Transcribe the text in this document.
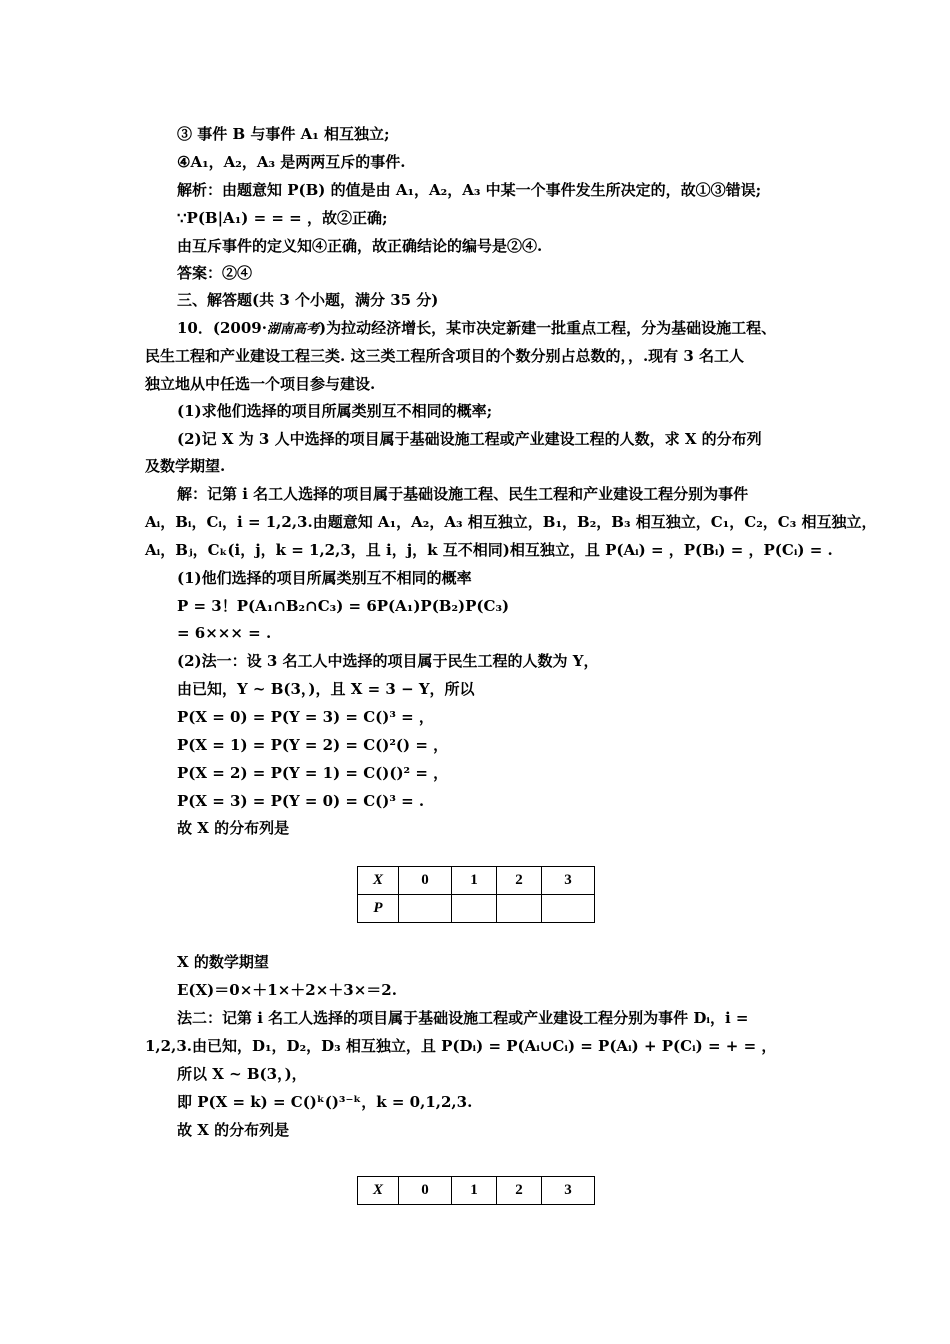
③ 事件 B 与事件 A₁ 相互独立;
④A₁，A₂，A₃ 是两两互斥的事件.
解析：由题意知 P(B) 的值是由 A₁，A₂，A₃ 中某一个事件发生所决定的，故①③错误;
∵P(B|A₁) = = = ，故②正确;
由互斥事件的定义知④正确，故正确结论的编号是②④.
答案：②④
三、解答题(共 3 个小题，满分 35 分)
10．(2009·湖南高考)为拉动经济增长，某市决定新建一批重点工程，分为基础设施工程、
民生工程和产业建设工程三类. 这三类工程所含项目的个数分别占总数的，，.现有 3 名工人
独立地从中任选一个项目参与建设.
(1)求他们选择的项目所属类别互不相同的概率;
(2)记 X 为 3 人中选择的项目属于基础设施工程或产业建设工程的人数，求 X 的分布列
及数学期望.
解：记第 i 名工人选择的项目属于基础设施工程、民生工程和产业建设工程分别为事件
Aᵢ，Bᵢ，Cᵢ，i = 1,2,3.由题意知 A₁，A₂，A₃ 相互独立，B₁，B₂，B₃ 相互独立，C₁，C₂，C₃ 相互独立，
Aᵢ，Bⱼ，Cₖ(i，j，k = 1,2,3，且 i，j，k 互不相同)相互独立，且 P(Aᵢ) = ，P(Bᵢ) = ，P(Cᵢ) = .
(1)他们选择的项目所属类别互不相同的概率
P = 3！P(A₁∩B₂∩C₃) = 6P(A₁)P(B₂)P(C₃)
= 6××× = .
(2)法一：设 3 名工人中选择的项目属于民生工程的人数为 Y，
由已知，Y ~ B(3，)，且 X = 3 − Y，所以
P(X = 0) = P(Y = 3) = C()³ = ，
P(X = 1) = P(Y = 2) = C()²() = ，
P(X = 2) = P(Y = 1) = C()()² = ，
P(X = 3) = P(Y = 0) = C()³ = .
故 X 的分布列是
X	0	1	2	3
P				
X 的数学期望
E(X)＝0×＋1×＋2×＋3×＝2.
法二：记第 i 名工人选择的项目属于基础设施工程或产业建设工程分别为事件 Dᵢ，i =
1,2,3.由已知，D₁，D₂，D₃ 相互独立，且 P(Dᵢ) = P(Aᵢ∪Cᵢ) = P(Aᵢ) + P(Cᵢ) = + = ，
所以 X ~ B(3，)，
即 P(X = k) = C()ᵏ()³⁻ᵏ，k = 0,1,2,3.
故 X 的分布列是
X	0	1	2	3
